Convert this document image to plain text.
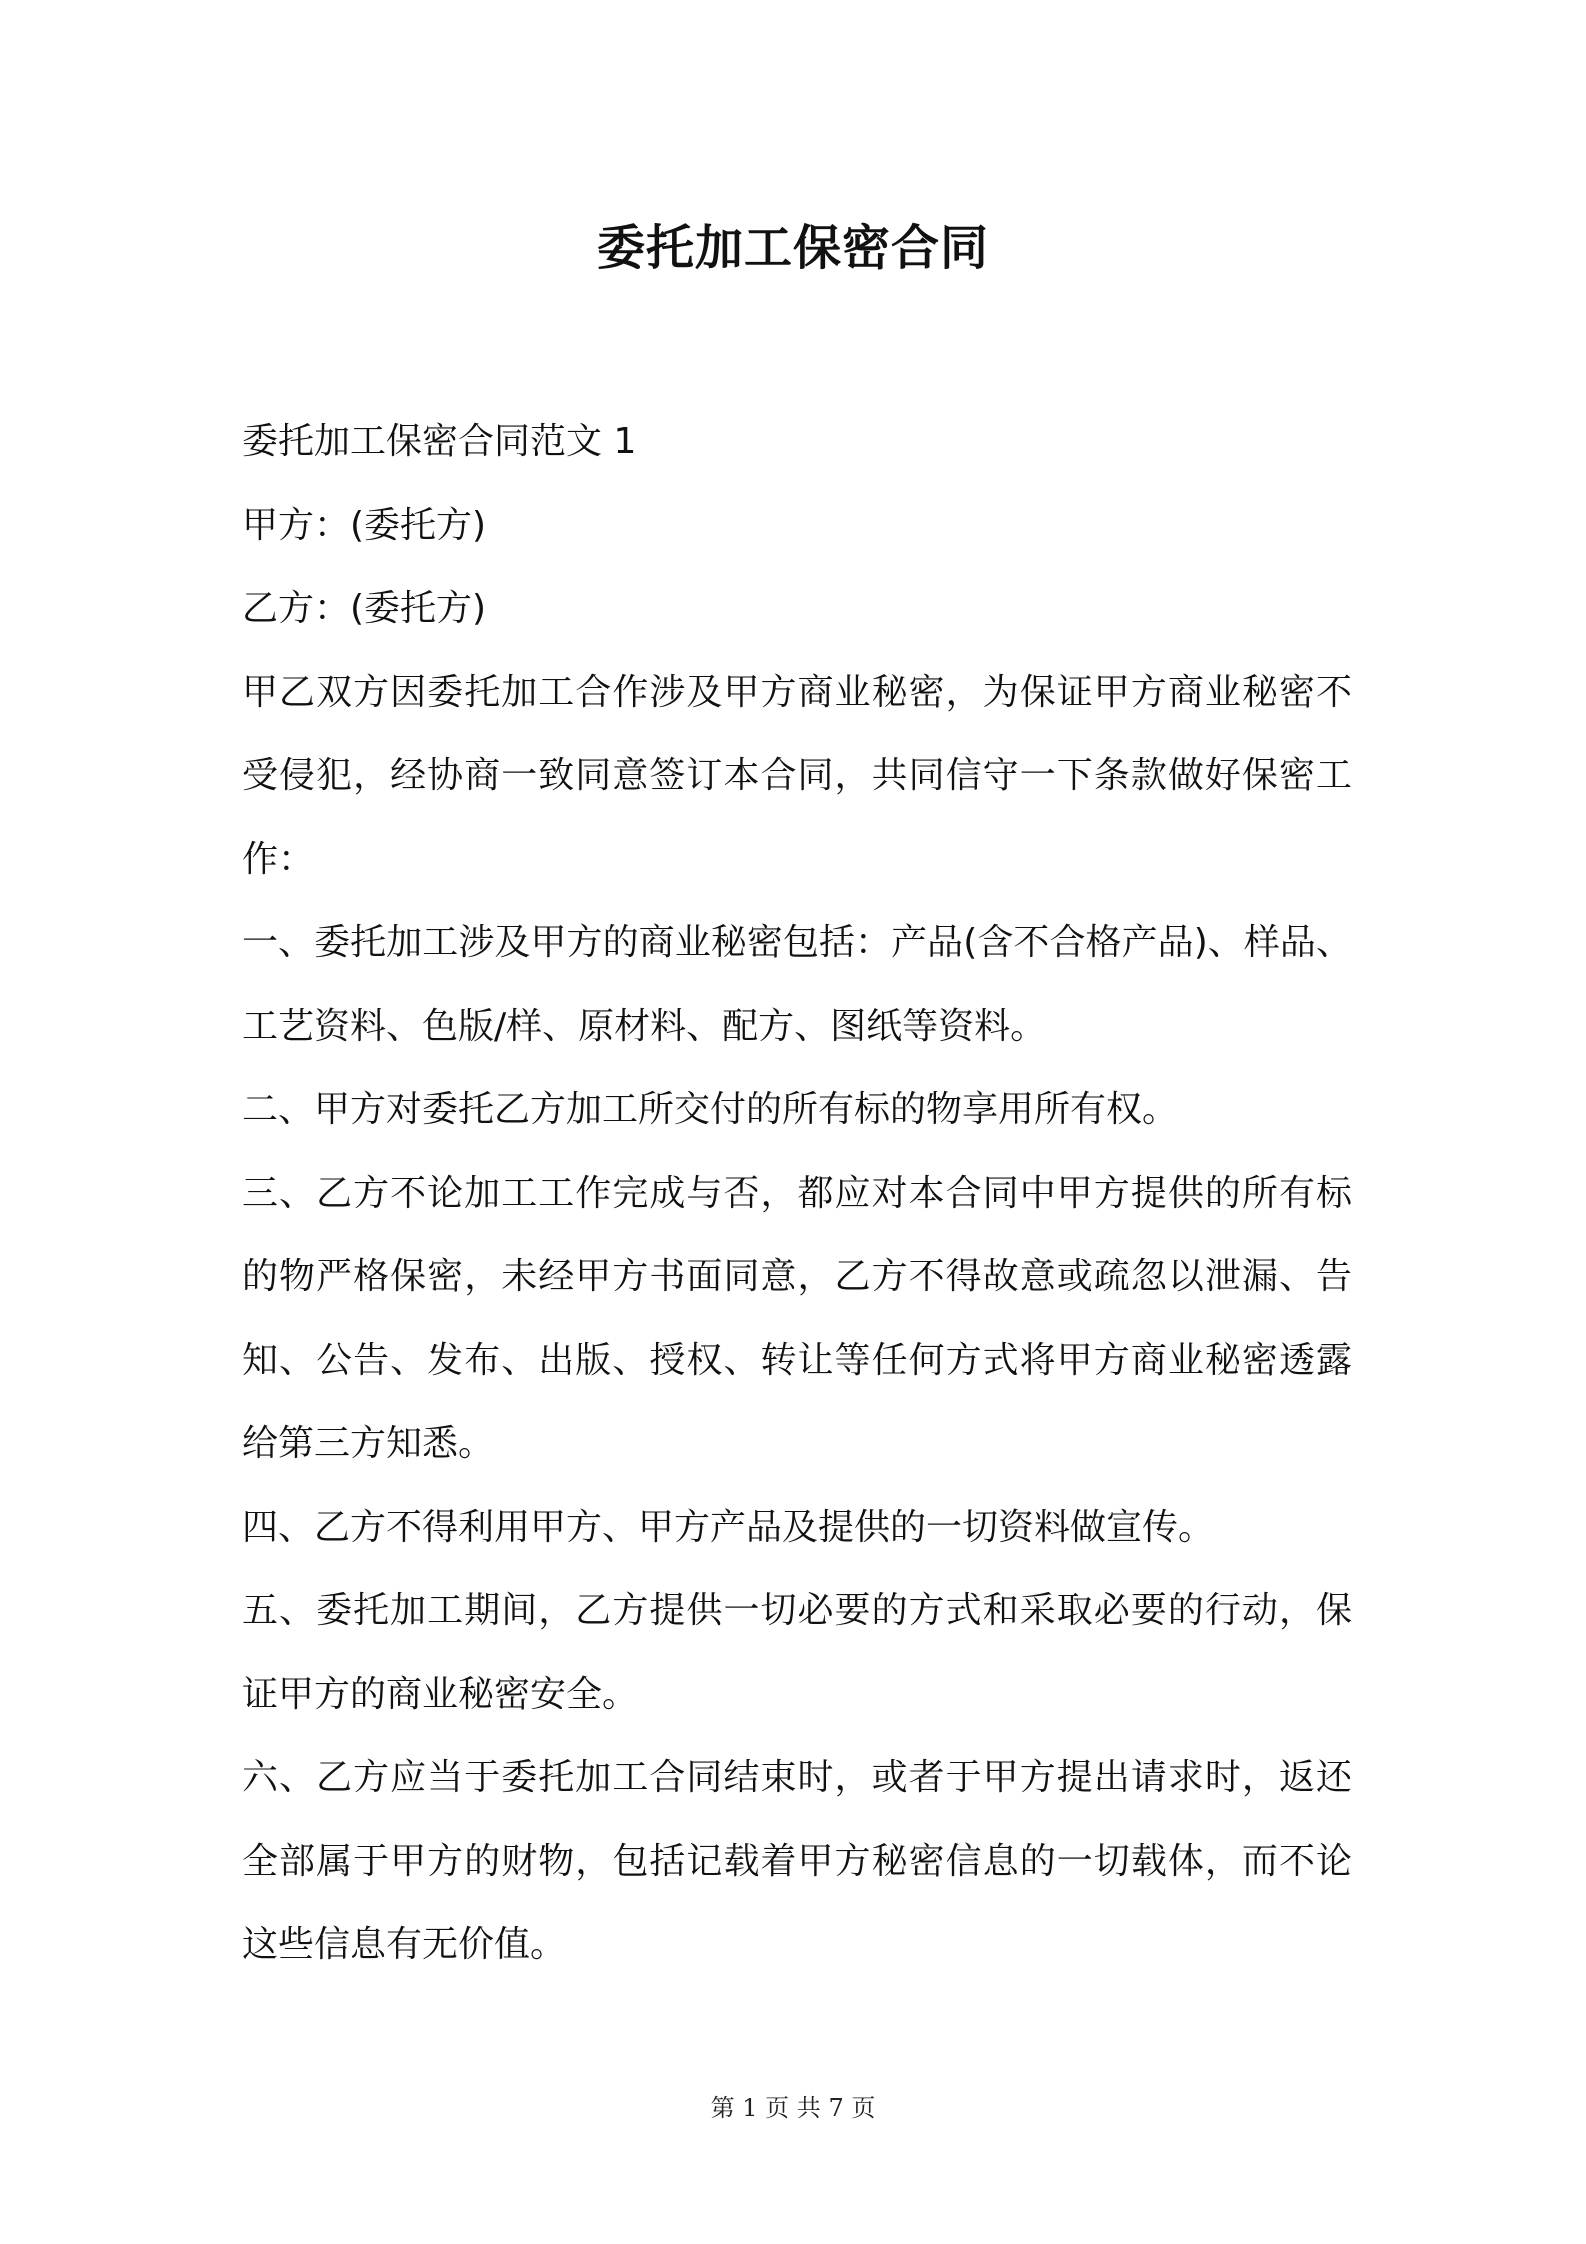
委托加工保密合同

委托加工保密合同范文 1

甲方：(委托方)

乙方：(委托方)

甲乙双方因委托加工合作涉及甲方商业秘密，为保证甲方商业秘密不受侵犯，经协商一致同意签订本合同，共同信守一下条款做好保密工作：

一、委托加工涉及甲方的商业秘密包括：产品(含不合格产品)、样品、工艺资料、色版/样、原材料、配方、图纸等资料。

二、甲方对委托乙方加工所交付的所有标的物享用所有权。

三、乙方不论加工工作完成与否，都应对本合同中甲方提供的所有标的物严格保密，未经甲方书面同意，乙方不得故意或疏忽以泄漏、告知、公告、发布、出版、授权、转让等任何方式将甲方商业秘密透露给第三方知悉。

四、乙方不得利用甲方、甲方产品及提供的一切资料做宣传。

五、委托加工期间，乙方提供一切必要的方式和采取必要的行动，保证甲方的商业秘密安全。

六、乙方应当于委托加工合同结束时，或者于甲方提出请求时，返还全部属于甲方的财物，包括记载着甲方秘密信息的一切载体，而不论这些信息有无价值。

第 1 页 共 7 页
